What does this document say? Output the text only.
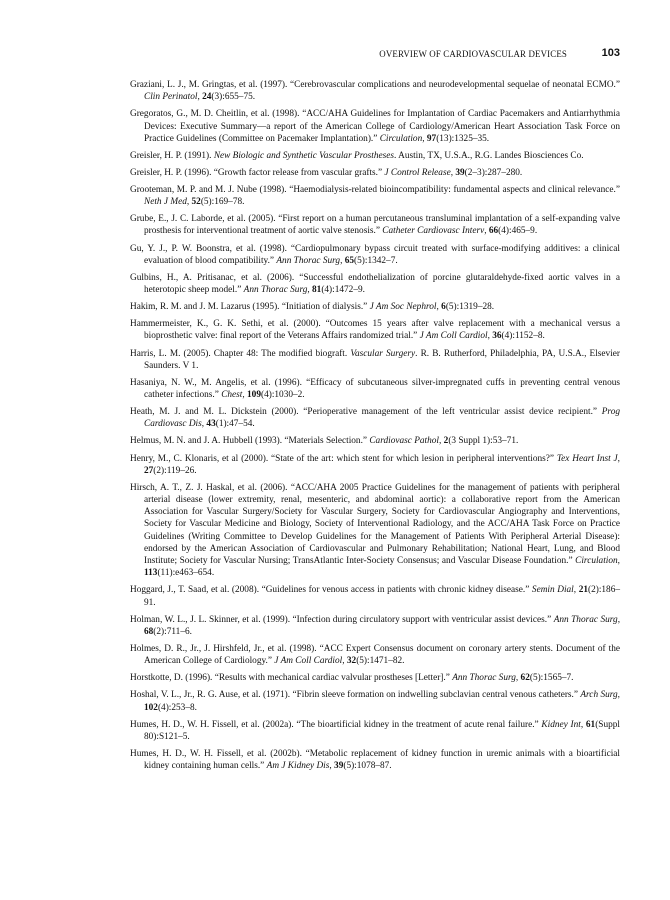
OVERVIEW OF CARDIOVASCULAR DEVICES	103

Graziani, L. J., M. Gringtas, et al. (1997). “Cerebrovascular complications and neurodevelopmental sequelae of neonatal ECMO.” Clin Perinatol, 24(3):655–75.

Gregoratos, G., M. D. Cheitlin, et al. (1998). “ACC/AHA Guidelines for Implantation of Cardiac Pacemakers and Antiarrhythmia Devices: Executive Summary—a report of the American College of Cardiology/American Heart Association Task Force on Practice Guidelines (Committee on Pacemaker Implantation).” Circulation, 97(13):1325–35.

Greisler, H. P. (1991). New Biologic and Synthetic Vascular Prostheses. Austin, TX, U.S.A., R.G. Landes Biosciences Co.

Greisler, H. P. (1996). “Growth factor release from vascular grafts.” J Control Release, 39(2–3):287–280.

Grooteman, M. P. and M. J. Nube (1998). “Haemodialysis-related bioincompatibility: fundamental aspects and clinical relevance.” Neth J Med, 52(5):169–78.

Grube, E., J. C. Laborde, et al. (2005). “First report on a human percutaneous transluminal implantation of a self-expanding valve prosthesis for interventional treatment of aortic valve stenosis.” Catheter Cardiovasc Interv, 66(4):465–9.

Gu, Y. J., P. W. Boonstra, et al. (1998). “Cardiopulmonary bypass circuit treated with surface-modifying additives: a clinical evaluation of blood compatibility.” Ann Thorac Surg, 65(5):1342–7.

Gulbins, H., A. Pritisanac, et al. (2006). “Successful endothelialization of porcine glutaraldehyde-fixed aortic valves in a heterotopic sheep model.” Ann Thorac Surg, 81(4):1472–9.

Hakim, R. M. and J. M. Lazarus (1995). “Initiation of dialysis.” J Am Soc Nephrol, 6(5):1319–28.

Hammermeister, K., G. K. Sethi, et al. (2000). “Outcomes 15 years after valve replacement with a mechanical versus a bioprosthetic valve: final report of the Veterans Affairs randomized trial.” J Am Coll Cardiol, 36(4):1152–8.

Harris, L. M. (2005). Chapter 48: The modified biograft. Vascular Surgery. R. B. Rutherford, Philadelphia, PA, U.S.A., Elsevier Saunders. V 1.

Hasaniya, N. W., M. Angelis, et al. (1996). “Efficacy of subcutaneous silver-impregnated cuffs in preventing central venous catheter infections.” Chest, 109(4):1030–2.

Heath, M. J. and M. L. Dickstein (2000). “Perioperative management of the left ventricular assist device recipient.” Prog Cardiovasc Dis, 43(1):47–54.

Helmus, M. N. and J. A. Hubbell (1993). “Materials Selection.” Cardiovasc Pathol, 2(3 Suppl 1):53–71.

Henry, M., C. Klonaris, et al (2000). “State of the art: which stent for which lesion in peripheral interventions?” Tex Heart Inst J, 27(2):119–26.

Hirsch, A. T., Z. J. Haskal, et al. (2006). “ACC/AHA 2005 Practice Guidelines for the management of patients with peripheral arterial disease (lower extremity, renal, mesenteric, and abdominal aortic): a collaborative report from the American Association for Vascular Surgery/Society for Vascular Surgery, Society for Cardiovascular Angiography and Interventions, Society for Vascular Medicine and Biology, Society of Interventional Radiology, and the ACC/AHA Task Force on Practice Guidelines (Writing Committee to Develop Guidelines for the Management of Patients With Peripheral Arterial Disease): endorsed by the American Association of Cardiovascular and Pulmonary Rehabilitation; National Heart, Lung, and Blood Institute; Society for Vascular Nursing; TransAtlantic Inter-Society Consensus; and Vascular Disease Foundation.” Circulation, 113(11):e463–654.

Hoggard, J., T. Saad, et al. (2008). “Guidelines for venous access in patients with chronic kidney disease.” Semin Dial, 21(2):186–91.

Holman, W. L., J. L. Skinner, et al. (1999). “Infection during circulatory support with ventricular assist devices.” Ann Thorac Surg, 68(2):711–6.

Holmes, D. R., Jr., J. Hirshfeld, Jr., et al. (1998). “ACC Expert Consensus document on coronary artery stents. Document of the American College of Cardiology.” J Am Coll Cardiol, 32(5):1471–82.

Horstkotte, D. (1996). “Results with mechanical cardiac valvular prostheses [Letter].” Ann Thorac Surg, 62(5):1565–7.

Hoshal, V. L., Jr., R. G. Ause, et al. (1971). “Fibrin sleeve formation on indwelling subclavian central venous catheters.” Arch Surg, 102(4):253–8.

Humes, H. D., W. H. Fissell, et al. (2002a). “The bioartificial kidney in the treatment of acute renal failure.” Kidney Int, 61(Suppl 80):S121–5.

Humes, H. D., W. H. Fissell, et al. (2002b). “Metabolic replacement of kidney function in uremic animals with a bioartificial kidney containing human cells.” Am J Kidney Dis, 39(5):1078–87.
